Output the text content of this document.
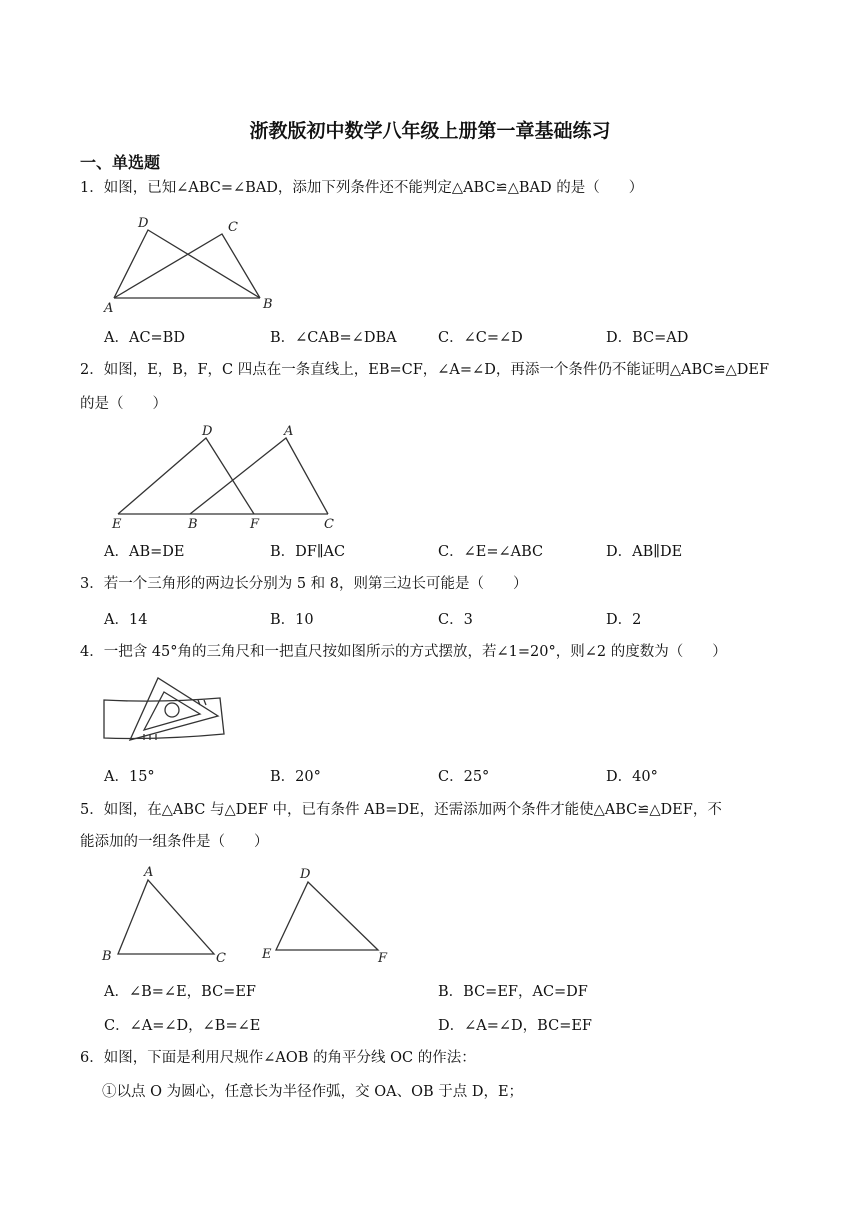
浙教版初中数学八年级上册第一章基础练习
一、单选题
1．如图，已知∠ABC=∠BAD，添加下列条件还不能判定△ABC≌△BAD 的是（　　）
D	C
A	B
A．AC=BD	B．∠CAB=∠DBA	C．∠C=∠D	D．BC=AD
2．如图，E，B，F，C 四点在一条直线上，EB=CF，∠A=∠D，再添一个条件仍不能证明△ABC≌△DEF
的是（　　）
D	A
E	B	F	C
A．AB=DE	B．DF∥AC	C．∠E=∠ABC	D．AB∥DE
3．若一个三角形的两边长分别为 5 和 8，则第三边长可能是（　　）
A．14	B．10	C．3	D．2
4．一把含 45°角的三角尺和一把直尺按如图所示的方式摆放，若∠1=20°，则∠2 的度数为（　　）
A．15°	B．20°	C．25°	D．40°
5．如图，在△ABC 与△DEF 中，已有条件 AB=DE，还需添加两个条件才能使△ABC≌△DEF，不
能添加的一组条件是（　　）
A
B	C
D
E	F
A．∠B=∠E，BC=EF	B．BC=EF，AC=DF
C．∠A=∠D，∠B=∠E	D．∠A=∠D，BC=EF
6．如图，下面是利用尺规作∠AOB 的角平分线 OC 的作法：
①以点 O 为圆心，任意长为半径作弧，交 OA、OB 于点 D，E；
